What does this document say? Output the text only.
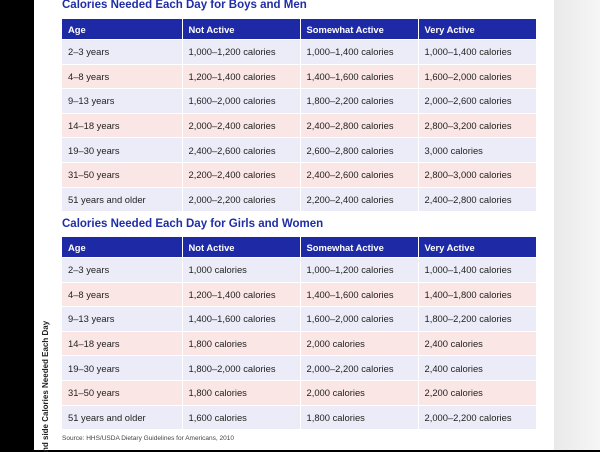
nd side Calories Needed Each Day
Calories Needed Each Day for Boys and Men
Age	Not Active	Somewhat Active	Very Active
2–3 years	1,000–1,200 calories	1,000–1,400 calories	1,000–1,400 calories
4–8 years	1,200–1,400 calories	1,400–1,600 calories	1,600–2,000 calories
9–13 years	1,600–2,000 calories	1,800–2,200 calories	2,000–2,600 calories
14–18 years	2,000–2,400 calories	2,400–2,800 calories	2,800–3,200 calories
19–30 years	2,400–2,600 calories	2,600–2,800 calories	3,000 calories
31–50 years	2,200–2,400 calories	2,400–2,600 calories	2,800–3,000 calories
51 years and older	2,000–2,200 calories	2,200–2,400 calories	2,400–2,800 calories
Calories Needed Each Day for Girls and Women
Age	Not Active	Somewhat Active	Very Active
2–3 years	1,000 calories	1,000–1,200 calories	1,000–1,400 calories
4–8 years	1,200–1,400 calories	1,400–1,600 calories	1,400–1,800 calories
9–13 years	1,400–1,600 calories	1,600–2,000 calories	1,800–2,200 calories
14–18 years	1,800 calories	2,000 calories	2,400 calories
19–30 years	1,800–2,000 calories	2,000–2,200 calories	2,400 calories
31–50 years	1,800 calories	2,000 calories	2,200 calories
51 years and older	1,600 calories	1,800 calories	2,000–2,200 calories
Source: HHS/USDA Dietary Guidelines for Americans, 2010
